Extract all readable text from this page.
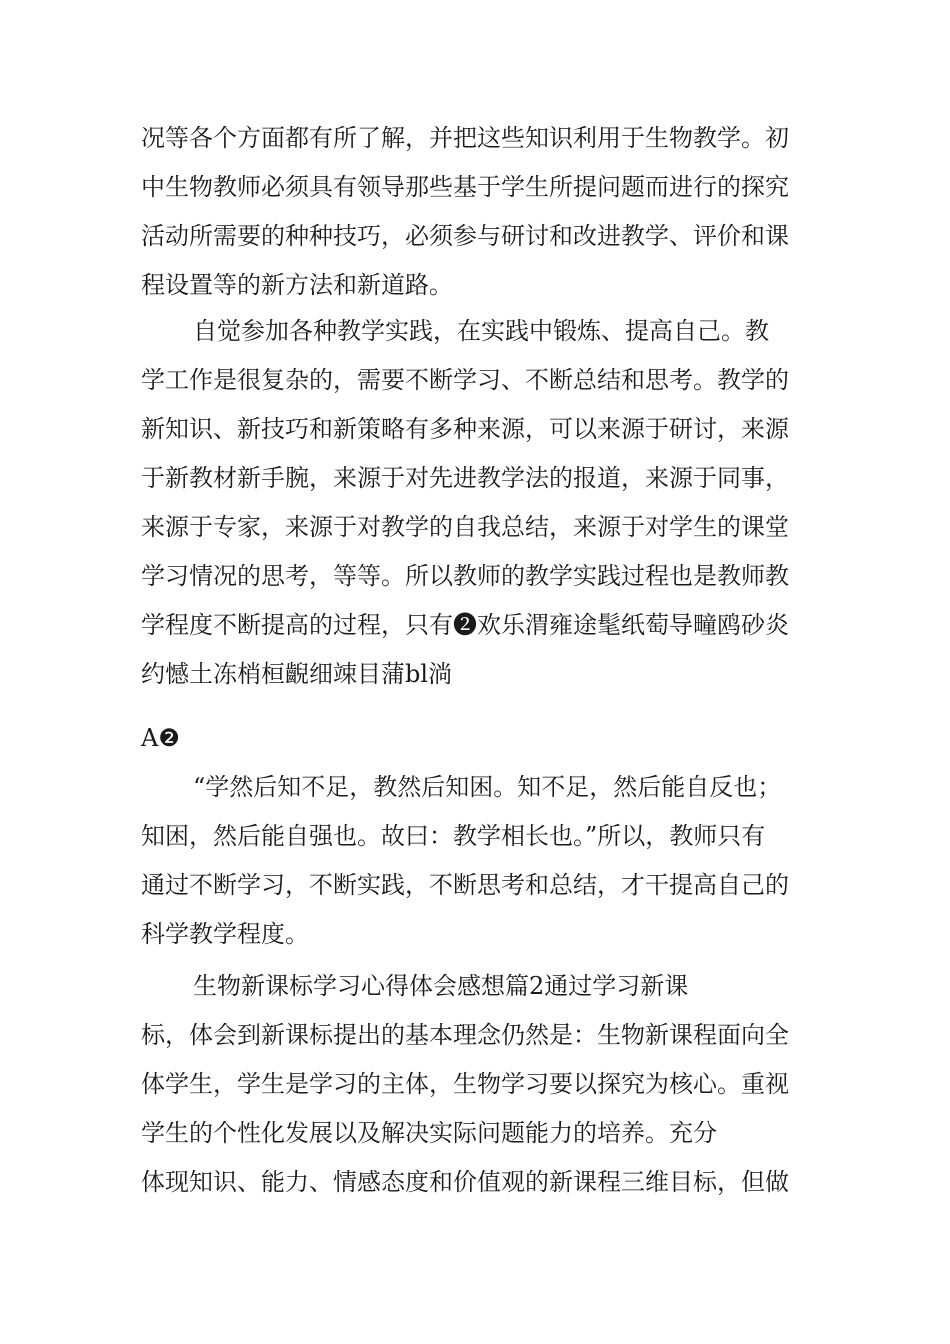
况等各个方面都有所了解，并把这些知识利用于生物教学。初
中生物教师必须具有领导那些基于学生所提问题而进行的探究
活动所需要的种种技巧，必须参与研讨和改进教学、评价和课
程设置等的新方法和新道路。
自觉参加各种教学实践，在实践中锻炼、提高自己。教
学工作是很复杂的，需要不断学习、不断总结和思考。教学的
新知识、新技巧和新策略有多种来源，可以来源于研讨，来源
于新教材新手腕，来源于对先进教学法的报道，来源于同事，
来源于专家，来源于对教学的自我总结，来源于对学生的课堂
学习情况的思考，等等。所以教师的教学实践过程也是教师教
学程度不断提高的过程，只有❷欢乐渭雍途髦纸萄导疃鸥砂炎
约憾土冻梢桓齯细竦目蒲bl淌
A❷
“学然后知不足，教然后知困。知不足，然后能自反也；
知困，然后能自强也。故曰：教学相长也。”所以，教师只有
通过不断学习，不断实践，不断思考和总结，才干提高自己的
科学教学程度。
生物新课标学习心得体会感想篇2通过学习新课
标，体会到新课标提出的基本理念仍然是：生物新课程面向全
体学生，学生是学习的主体，生物学习要以探究为核心。重视
学生的个性化发展以及解决实际问题能力的培养。充分
体现知识、能力、情感态度和价值观的新课程三维目标，但做
